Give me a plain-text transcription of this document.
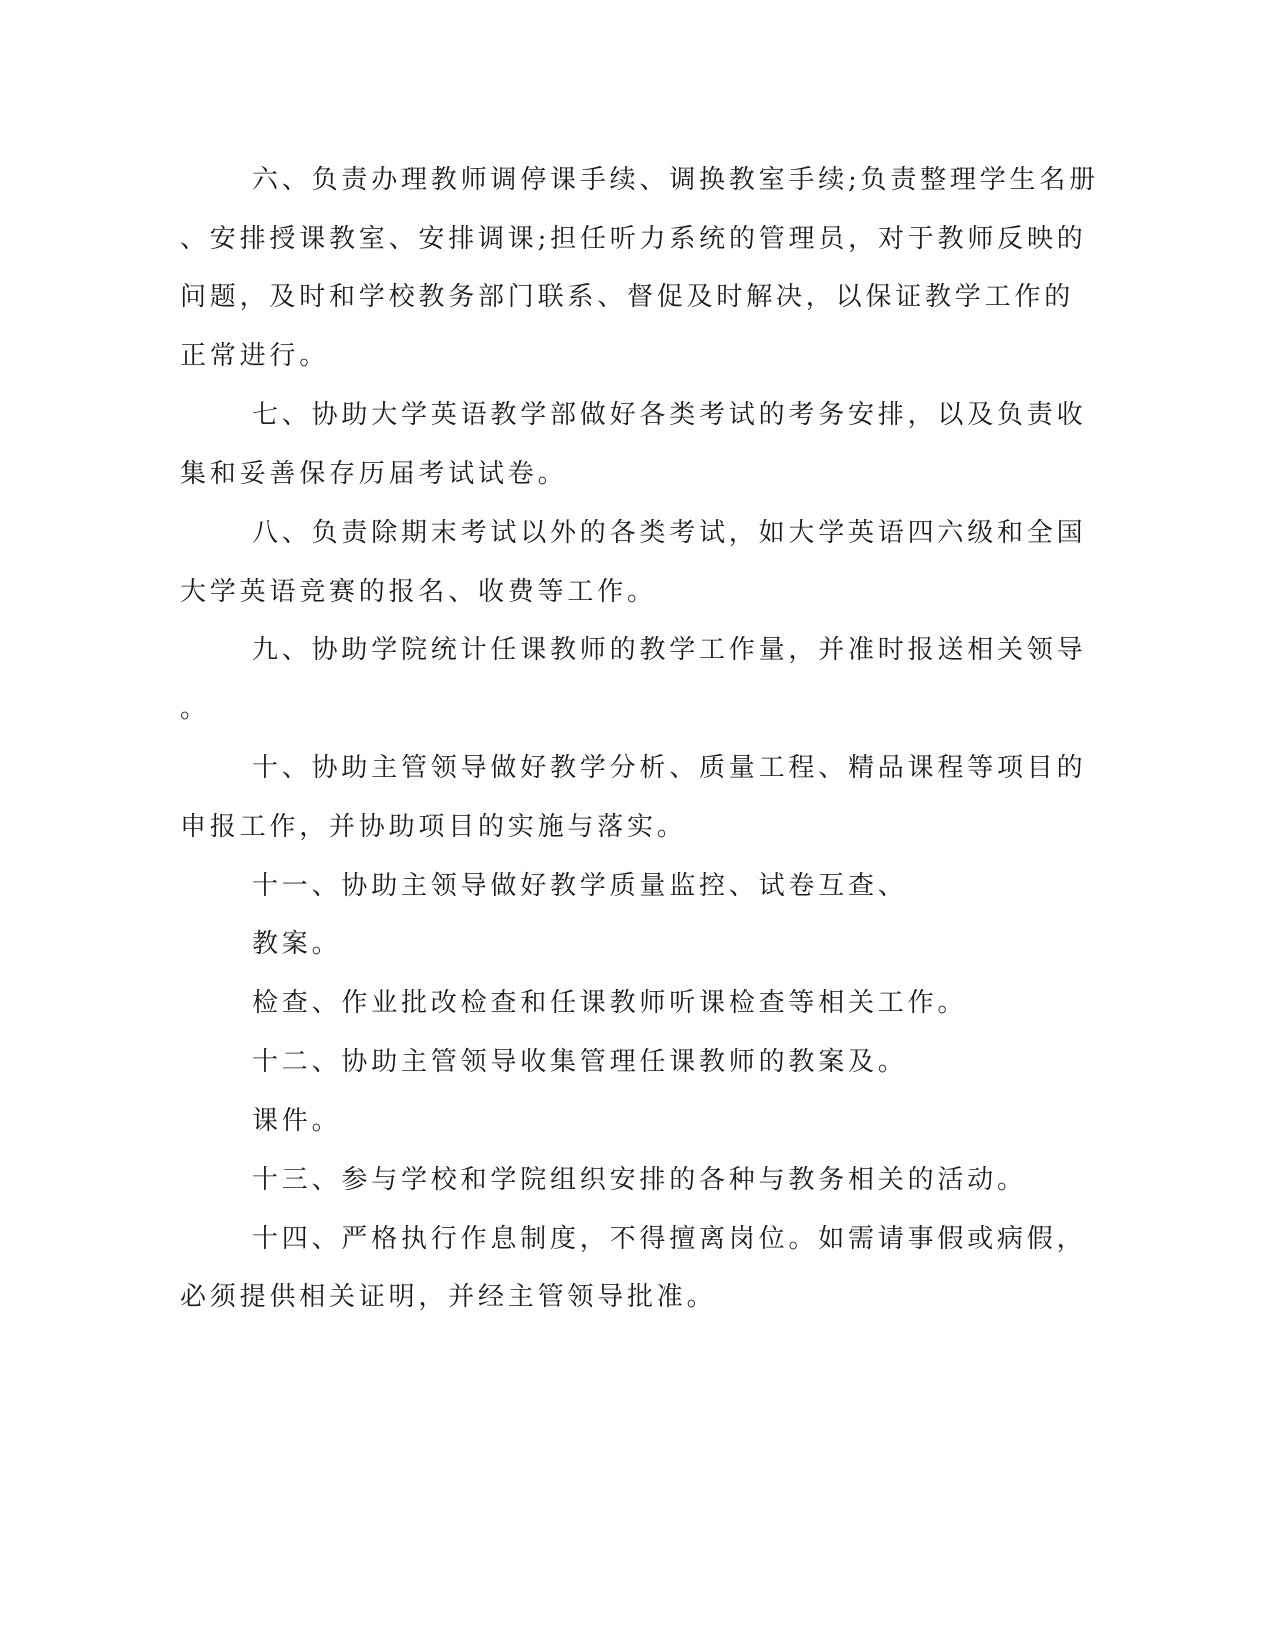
六、负责办理教师调停课手续、调换教室手续;负责整理学生名册
、安排授课教室、安排调课;担任听力系统的管理员，对于教师反映的
问题，及时和学校教务部门联系、督促及时解决，以保证教学工作的
正常进行。
七、协助大学英语教学部做好各类考试的考务安排，以及负责收
集和妥善保存历届考试试卷。
八、负责除期末考试以外的各类考试，如大学英语四六级和全国
大学英语竞赛的报名、收费等工作。
九、协助学院统计任课教师的教学工作量，并准时报送相关领导
。
十、协助主管领导做好教学分析、质量工程、精品课程等项目的
申报工作，并协助项目的实施与落实。
十一、协助主领导做好教学质量监控、试卷互查、
教案。
检查、作业批改检查和任课教师听课检查等相关工作。
十二、协助主管领导收集管理任课教师的教案及。
课件。
十三、参与学校和学院组织安排的各种与教务相关的活动。
十四、严格执行作息制度，不得擅离岗位。如需请事假或病假，
必须提供相关证明，并经主管领导批准。
